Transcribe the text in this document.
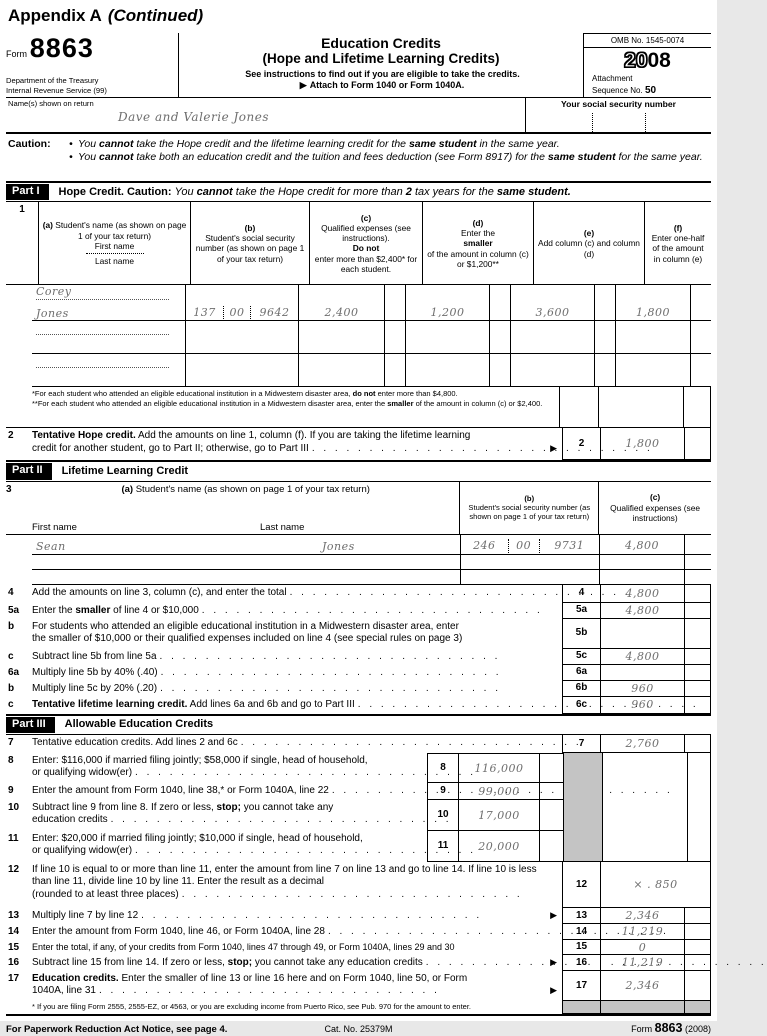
Appendix A (Continued)
Form 8863
Department of the Treasury
Internal Revenue Service (99)
Education Credits
(Hope and Lifetime Learning Credits)
See instructions to find out if you are eligible to take the credits.
▶ Attach to Form 1040 or Form 1040A.
OMB No. 1545-0074
2008
Attachment
Sequence No. 50
Name(s) shown on return
Dave and Valerie Jones
Your social security number
Caution:	• You cannot take the Hope credit and the lifetime learning credit for the same student in the same year.
• You cannot take both an education credit and the tuition and fees deduction (see Form 8917) for the same student for the same year.
Part I	Hope Credit. Caution: You cannot take the Hope credit for more than 2 tax years for the same student.
1
(a) Student's name (as shown on page 1 of your tax return)
First name
Last name
(b)
Student's social security number (as shown on page 1 of your tax return)
(c)
Qualified expenses (see instructions).
Do not
enter more than $2,400* for each student.
(d)
Enter the
smaller
of the amount in column (c) or $1,200**
(e)
Add column (c) and column (d)
(f)
Enter one-half of the amount in column (e)
Corey
Jones	137	00	9642	2,400	1,200	3,600	1,800
*For each student who attended an eligible educational institution in a Midwestern disaster area, do not enter more than $4,800.
**For each student who attended an eligible educational institution in a Midwestern disaster area, enter the smaller of the amount in column (c) or $2,400.
2	Tentative Hope credit. Add the amounts on line 1, column (f). If you are taking the lifetime learning
credit for another student, go to Part II; otherwise, go to Part III . ▶	2	1,800
Part II	Lifetime Learning Credit
3	(a) Student's name (as shown on page 1 of your tax return)
First name	Last name
(b)
Student's social security number (as shown on page 1 of your tax return)
(c)
Qualified expenses (see instructions)
Sean	Jones	246	00	9731	4,800
4	Add the amounts on line 3, column (c), and enter the total .	4	4,800
5a	Enter the smaller of line 4 or $10,000 .	5a	4,800
b	For students who attended an eligible educational institution in a Midwestern disaster area, enter
the smaller of $10,000 or their qualified expenses included on line 4 (see special rules on page 3)
5b
c	Subtract line 5b from line 5a .	5c	4,800
6a	Multiply line 5b by 40% (.40) .	6a
b	Multiply line 5c by 20% (.20) .	6b	960
c	Tentative lifetime learning credit. Add lines 6a and 6b and go to Part III .	6c	960
Part III	Allowable Education Credits
7	Tentative education credits. Add lines 2 and 6c .	7	2,760
8	Enter: $116,000 if married filing jointly; $58,000 if single, head of household,
or qualifying widow(er) .	8	116,000
9	Enter the amount from Form 1040, line 38,* or Form 1040A, line 22 .	9	99,000
10	Subtract line 9 from line 8. If zero or less, stop; you cannot take any
education credits .	10	17,000
11	Enter: $20,000 if married filing jointly; $10,000 if single, head of household,
or qualifying widow(er) .	11	20,000
12	If line 10 is equal to or more than line 11, enter the amount from line 7 on line 13 and go to line 14. If line 10 is less than line 11, divide line 10 by line 11. Enter the result as a decimal
(rounded to at least three places)
.
12	× . 850
13	Multiply line 7 by line 12 . ▶	13	2,346
14	Enter the amount from Form 1040, line 46, or Form 1040A, line 28 .	14	11,219
15	Enter the total, if any, of your credits from Form 1040, lines 47 through 49, or Form 1040A, lines 29 and 30	15	0
16	Subtract line 15 from line 14. If zero or less, stop; you cannot take any education credits . ▶	16	11,219
17	Education credits. Enter the smaller of line 13 or line 16 here and on Form 1040, line 50, or Form
1040A, line 31
.
▶
17	2,346
* If you are filing Form 2555, 2555-EZ, or 4563, or you are excluding income from Puerto Rico, see Pub. 970 for the amount to enter.
For Paperwork Reduction Act Notice, see page 4.	Cat. No. 25379M	Form 8863 (2008)
